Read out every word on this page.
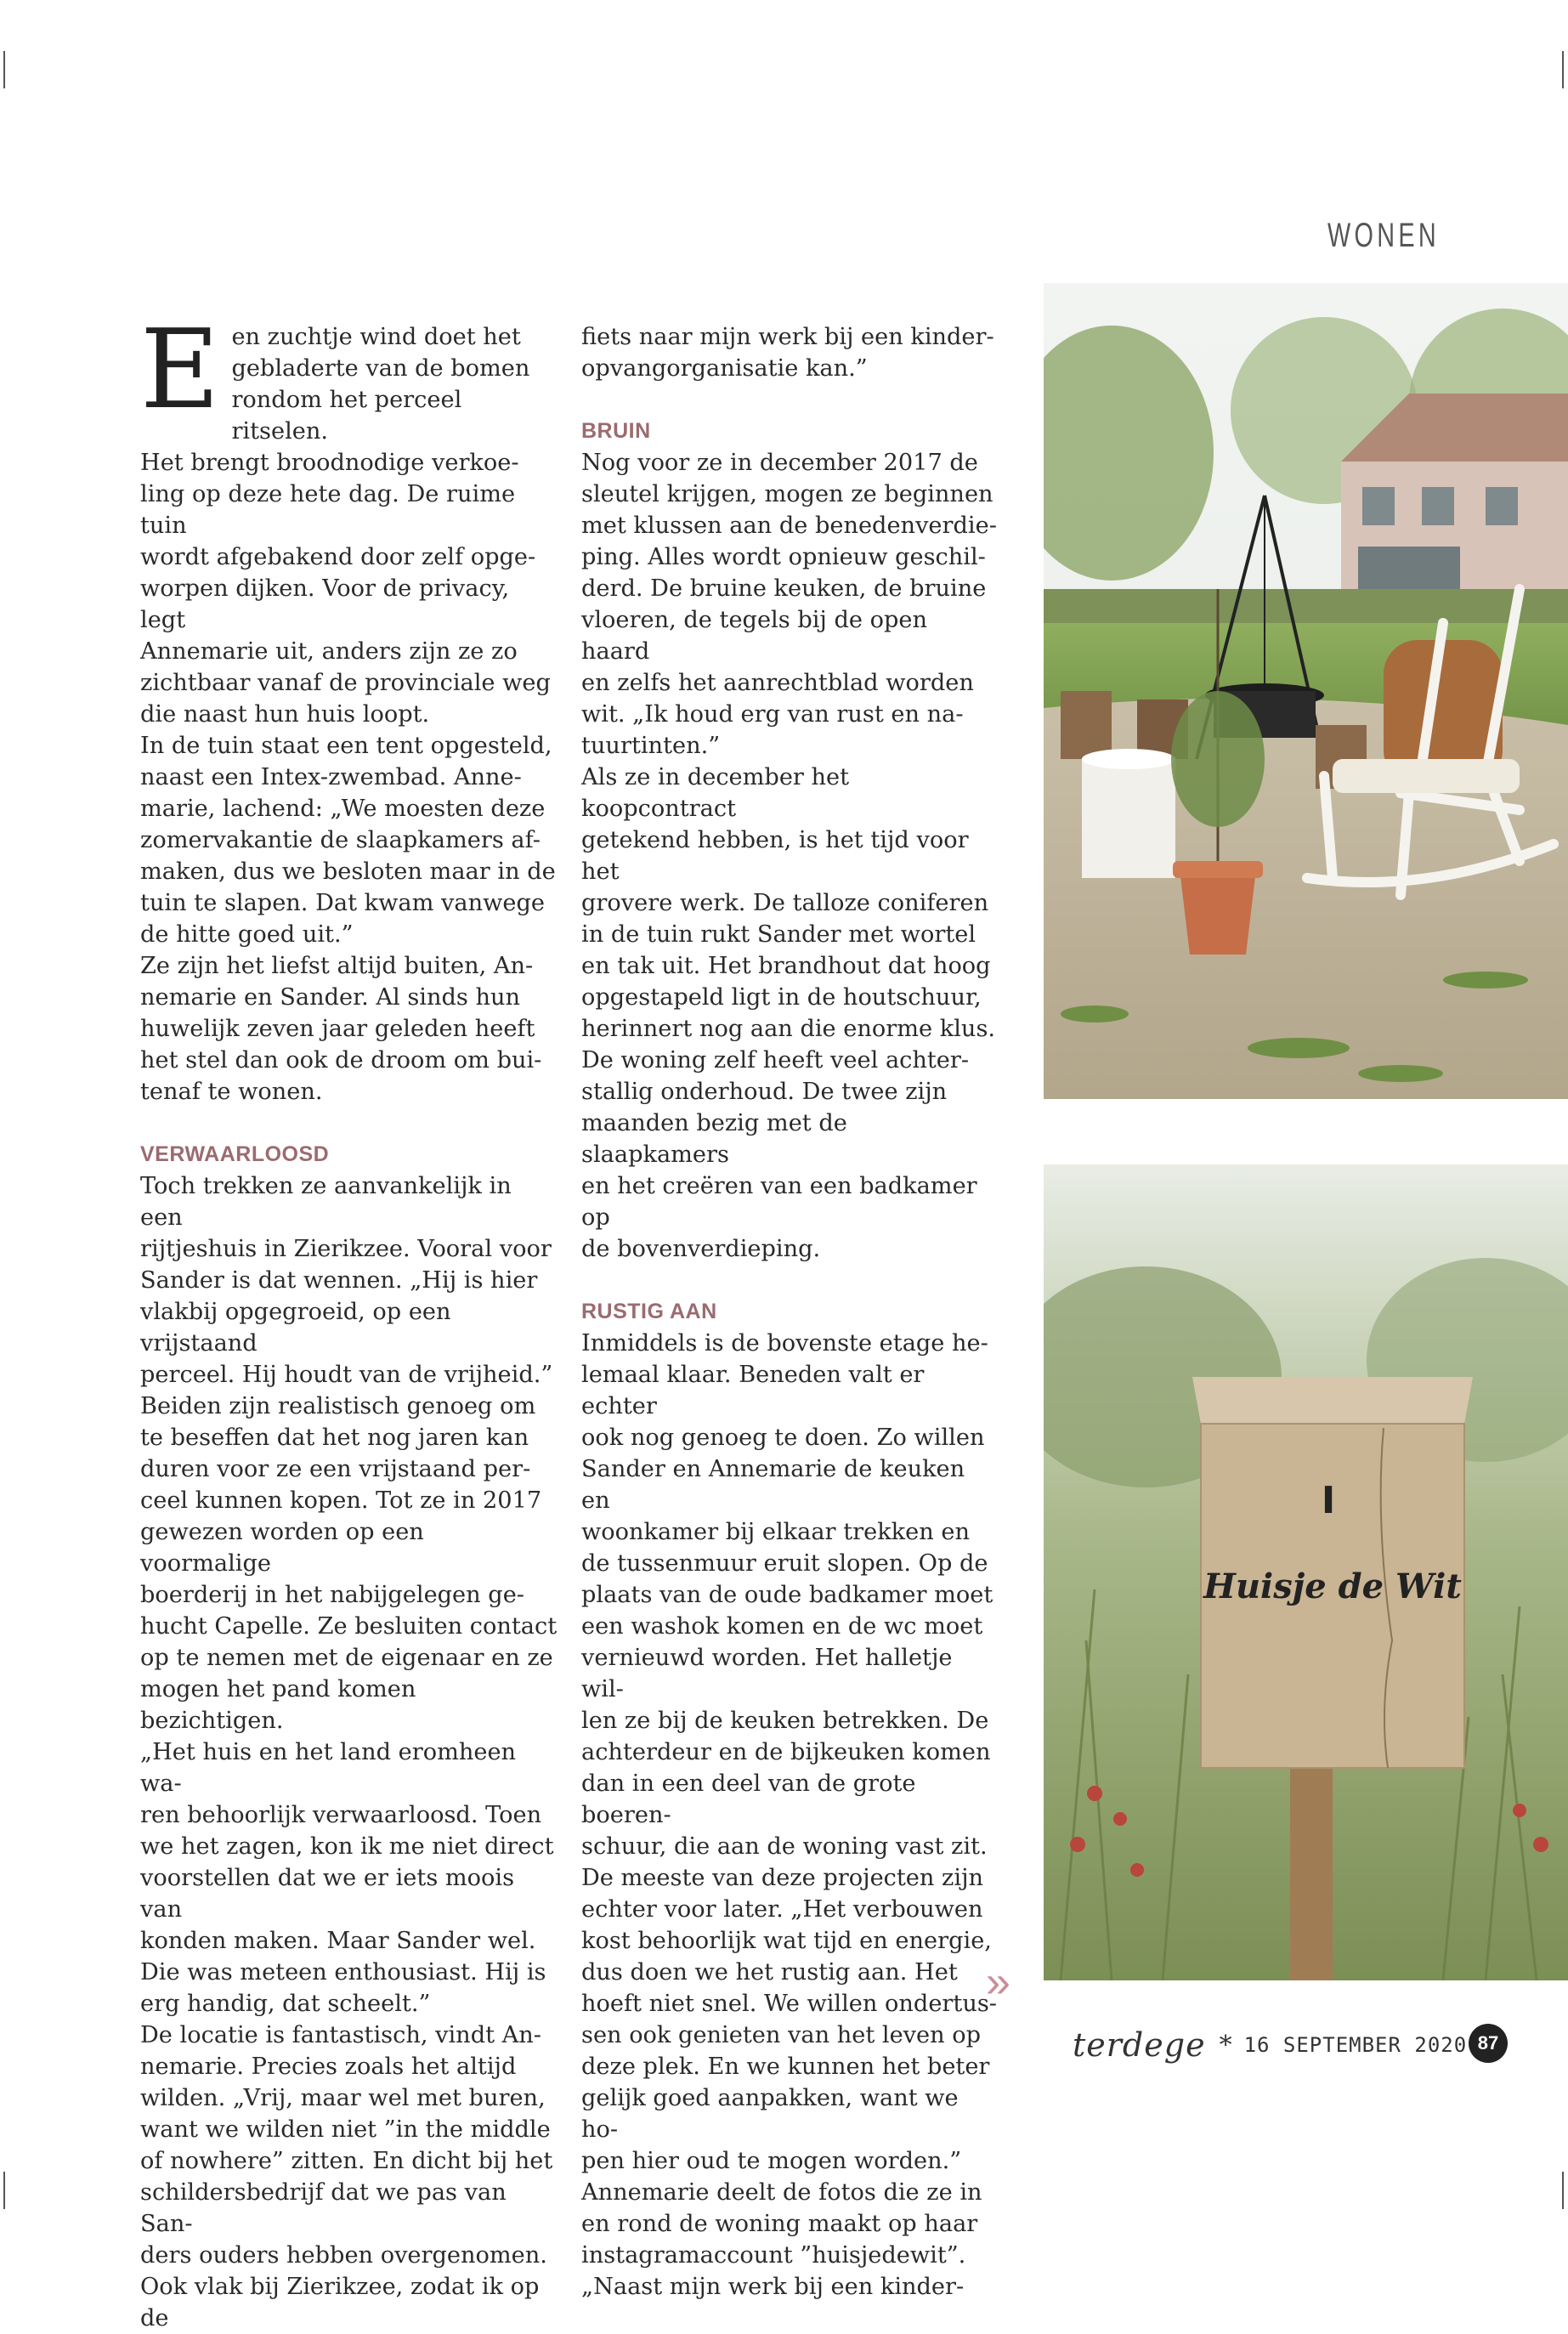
WONEN
E en zuchtje wind doet het
gebladerte van de bomen
rondom het perceel ritselen.
Het brengt broodnodige verkoe-
ling op deze hete dag. De ruime tuin
wordt afgebakend door zelf opge-
worpen dijken. Voor de privacy, legt
Annemarie uit, anders zijn ze zo
zichtbaar vanaf de provinciale weg
die naast hun huis loopt.
In de tuin staat een tent opgesteld,
naast een Intex-zwembad. Anne-
marie, lachend: „We moesten deze
zomervakantie de slaapkamers af-
maken, dus we besloten maar in de
tuin te slapen. Dat kwam vanwege
de hitte goed uit.”
Ze zijn het liefst altijd buiten, An-
nemarie en Sander. Al sinds hun
huwelijk zeven jaar geleden heeft
het stel dan ook de droom om bui-
tenaf te wonen.

VERWAARLOOSD

Toch trekken ze aanvankelijk in een
rijtjeshuis in Zierikzee. Vooral voor
Sander is dat wennen. „Hij is hier
vlakbij opgegroeid, op een vrijstaand
perceel. Hij houdt van de vrijheid.”
Beiden zijn realistisch genoeg om
te beseffen dat het nog jaren kan
duren voor ze een vrijstaand per-
ceel kunnen kopen. Tot ze in 2017
gewezen worden op een voormalige
boerderij in het nabijgelegen ge-
hucht Capelle. Ze besluiten contact
op te nemen met de eigenaar en ze
mogen het pand komen bezichtigen.
„Het huis en het land eromheen wa-
ren behoorlijk verwaarloosd. Toen
we het zagen, kon ik me niet direct
voorstellen dat we er iets moois van
konden maken. Maar Sander wel.
Die was meteen enthousiast. Hij is
erg handig, dat scheelt.”
De locatie is fantastisch, vindt An-
nemarie. Precies zoals het altijd
wilden. „Vrij, maar wel met buren,
want we wilden niet ”in the middle
of nowhere” zitten. En dicht bij het
schildersbedrijf dat we pas van San-
ders ouders hebben overgenomen.
Ook vlak bij Zierikzee, zodat ik op de

fiets naar mijn werk bij een kinder-
opvangorganisatie kan.”

BRUIN

Nog voor ze in december 2017 de
sleutel krijgen, mogen ze beginnen
met klussen aan de benedenverdie-
ping. Alles wordt opnieuw geschil-
derd. De bruine keuken, de bruine
vloeren, de tegels bij de open haard
en zelfs het aanrechtblad worden
wit. „Ik houd erg van rust en na-
tuurtinten.”
Als ze in december het koopcontract
getekend hebben, is het tijd voor het
grovere werk. De talloze coniferen
in de tuin rukt Sander met wortel
en tak uit. Het brandhout dat hoog
opgestapeld ligt in de houtschuur,
herinnert nog aan die enorme klus.
De woning zelf heeft veel achter-
stallig onderhoud. De twee zijn
maanden bezig met de slaapkamers
en het creëren van een badkamer op
de bovenverdieping.

RUSTIG AAN

Inmiddels is de bovenste etage he-
lemaal klaar. Beneden valt er echter
ook nog genoeg te doen. Zo willen
Sander en Annemarie de keuken en
woonkamer bij elkaar trekken en
de tussenmuur eruit slopen. Op de
plaats van de oude badkamer moet
een washok komen en de wc moet
vernieuwd worden. Het halletje wil-
len ze bij de keuken betrekken. De
achterdeur en de bijkeuken komen
dan in een deel van de grote boeren-
schuur, die aan de woning vast zit.
De meeste van deze projecten zijn
echter voor later. „Het verbouwen
kost behoorlijk wat tijd en energie,
dus doen we het rustig aan. Het
hoeft niet snel. We willen ondertus-
sen ook genieten van het leven op
deze plek. En we kunnen het beter
gelijk goed aanpakken, want we ho-
pen hier oud te mogen worden.”
Annemarie deelt de fotos die ze in
en rond de woning maakt op haar
instagramaccount ”huisjedewit”.
„Naast mijn werk bij een kinder-

I
Huisje de Wit
»
terdege * 16 SEPTEMBER 2020 87
